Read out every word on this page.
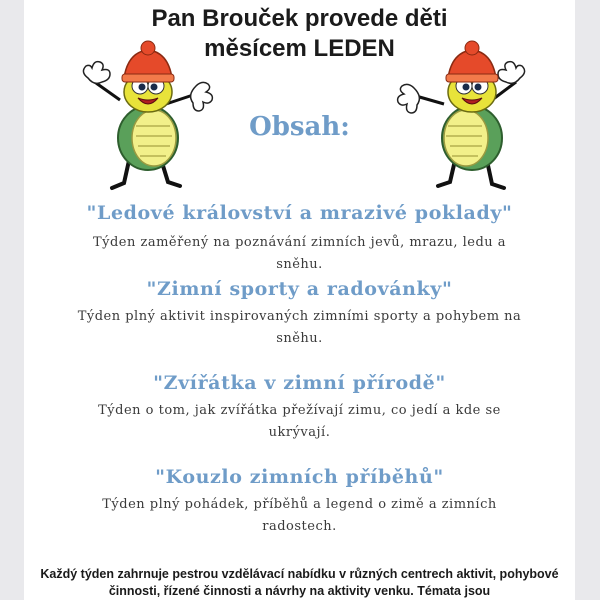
Pan Brouček provede děti
měsícem LEDEN
Obsah:
"Ledové království a mrazivé poklady"

Týden zaměřený na poznávání zimních jevů, mrazu, ledu a sněhu.

"Zimní sporty a radovánky"

Týden plný aktivit inspirovaných zimními sporty a pohybem na sněhu.

"Zvířátka v zimní přírodě"

Týden o tom, jak zvířátka přežívají zimu, co jedí a kde se ukrývají.

"Kouzlo zimních příběhů"

Týden plný pohádek, příběhů a legend o zimě a zimních radostech.

Každý týden zahrnuje pestrou vzdělávací nabídku v různých centrech aktivit, pohybové činnosti, řízené činnosti a návrhy na aktivity venku. Témata jsou
